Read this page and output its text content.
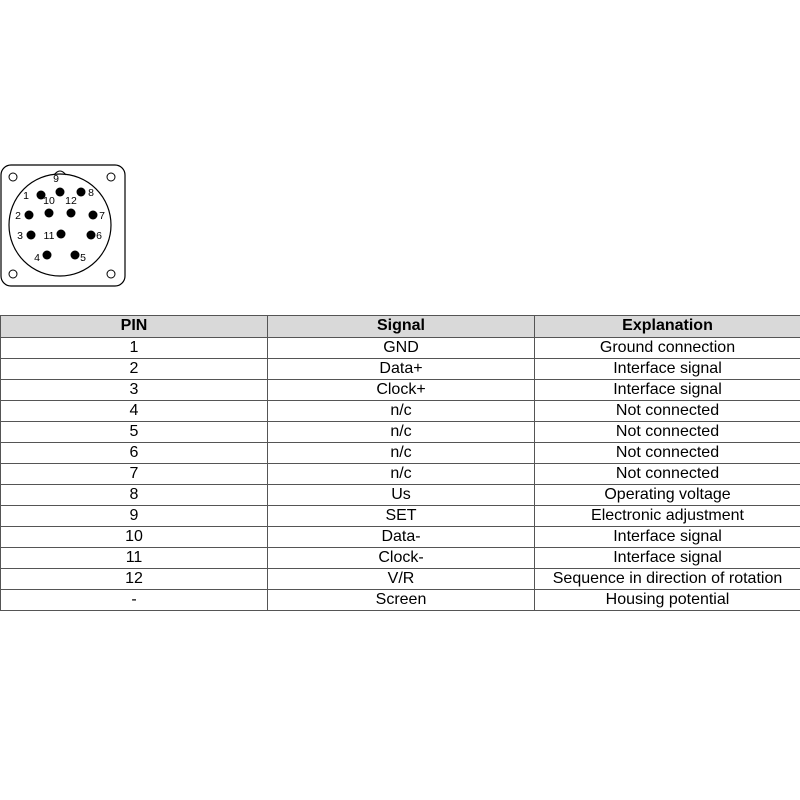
1
2
3
4	5
6
7
8
9
10
11
12
PIN	Signal	Explanation
1	GND	Ground connection
2	Data+	Interface signal
3	Clock+	Interface signal
4	n/c	Not connected
5	n/c	Not connected
6	n/c	Not connected
7	n/c	Not connected
8	Us	Operating voltage
9	SET	Electronic adjustment
10	Data-	Interface signal
11	Clock-	Interface signal
12	V/R	Sequence in direction of rotation
-	Screen	Housing potential
